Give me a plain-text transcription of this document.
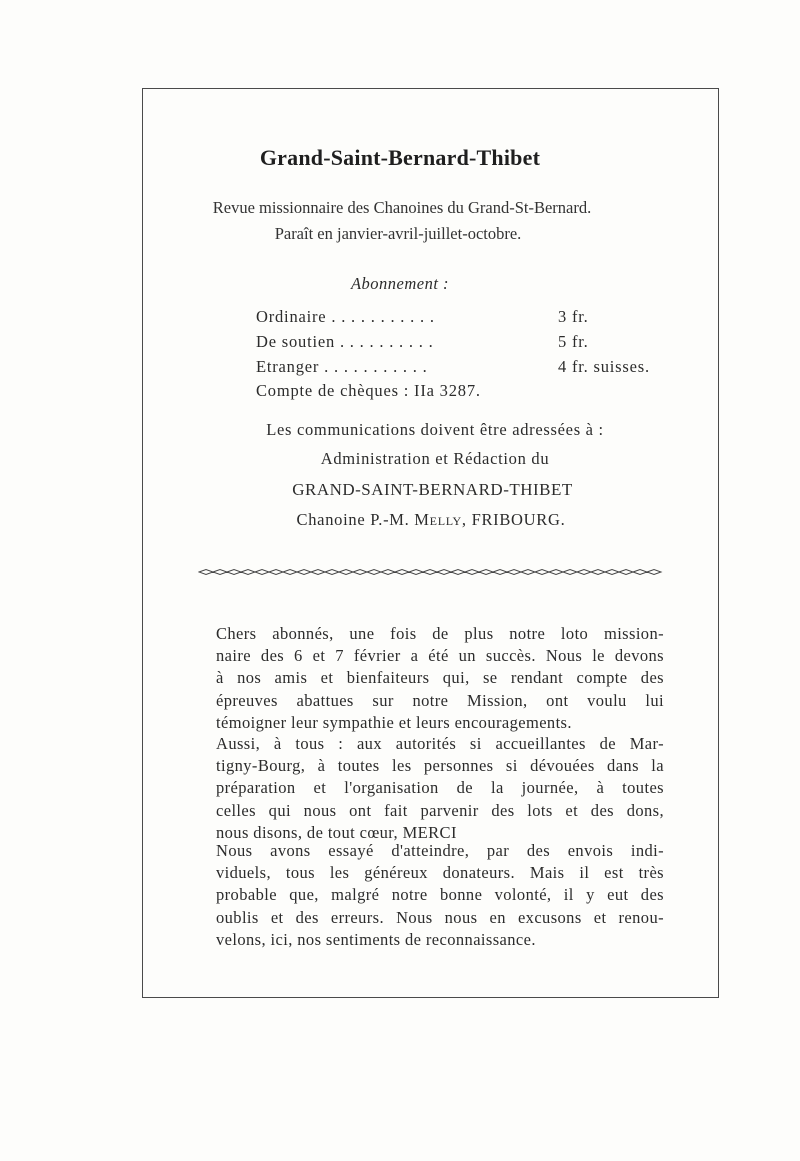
Grand-Saint-Bernard-Thibet
Revue missionnaire des Chanoines du Grand-St-Bernard.
Paraît en janvier-avril-juillet-octobre.
Abonnement :
Ordinaire . . . . . . . . . . .	3 fr.
De soutien . . . . . . . . . .	5 fr.
Etranger . . . . . . . . . . .	4 fr. suisses.
Compte de chèques : IIa 3287.
Les communications doivent être adressées à :
Administration et Rédaction du
GRAND-SAINT-BERNARD-THIBET
Chanoine P.-M. Melly, FRIBOURG.
Chers abonnés, une fois de plus notre loto mission-
naire des 6 et 7 février a été un succès. Nous le devons
à nos amis et bienfaiteurs qui, se rendant compte des
épreuves abattues sur notre Mission, ont voulu lui
témoigner leur sympathie et leurs encouragements.
Aussi, à tous : aux autorités si accueillantes de Mar-
tigny-Bourg, à toutes les personnes si dévouées dans la
préparation et l'organisation de la journée, à toutes
celles qui nous ont fait parvenir des lots et des dons,
nous disons, de tout cœur, MERCI
Nous avons essayé d'atteindre, par des envois indi-
viduels, tous les généreux donateurs. Mais il est très
probable que, malgré notre bonne volonté, il y eut des
oublis et des erreurs. Nous nous en excusons et renou-
velons, ici, nos sentiments de reconnaissance.
